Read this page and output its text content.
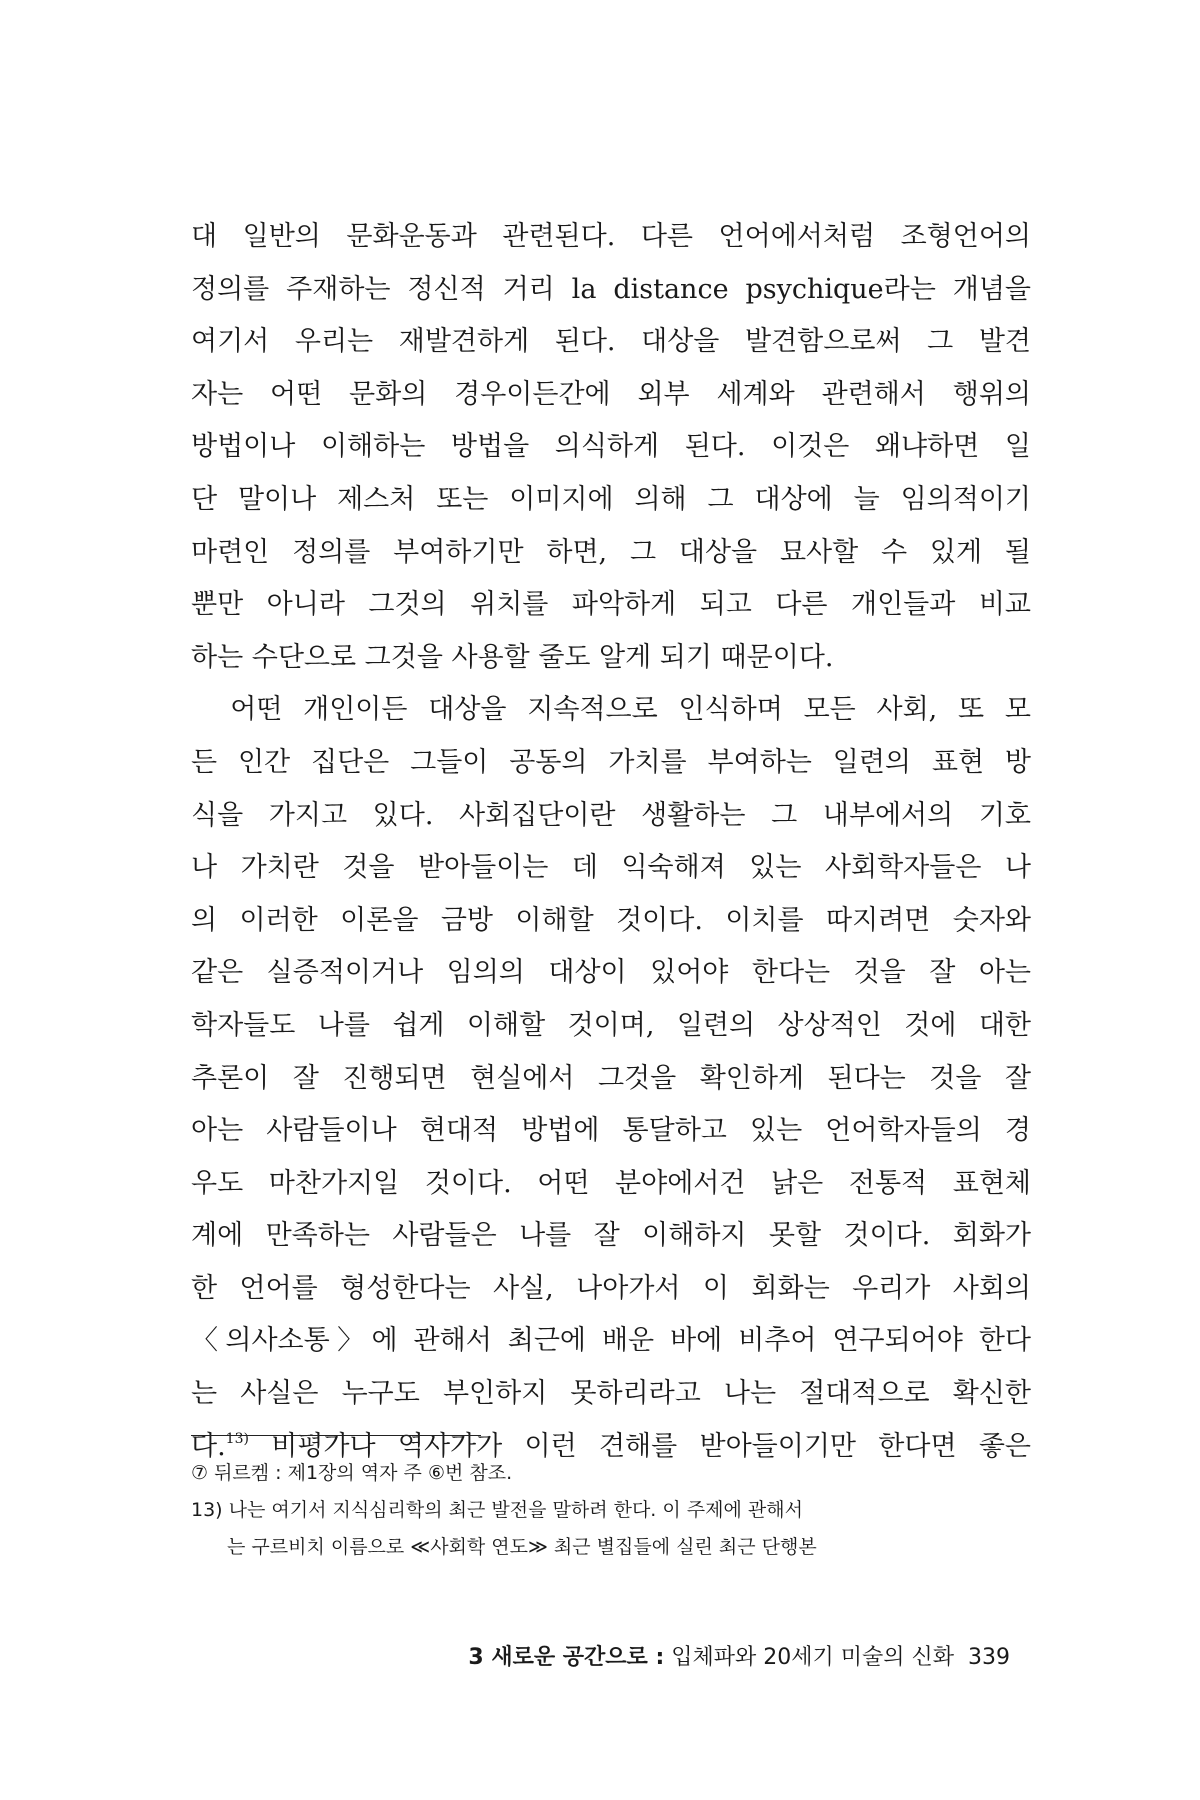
대 일반의 문화운동과 관련된다. 다른 언어에서처럼 조형언어의
정의를 주재하는 정신적 거리 la distance psychique라는 개념을
여기서 우리는 재발견하게 된다. 대상을 발견함으로써 그 발견
자는 어떤 문화의 경우이든간에 외부 세계와 관련해서 행위의
방법이나 이해하는 방법을 의식하게 된다. 이것은 왜냐하면 일
단 말이나 제스처 또는 이미지에 의해 그 대상에 늘 임의적이기
마련인 정의를 부여하기만 하면, 그 대상을 묘사할 수 있게 될
뿐만 아니라 그것의 위치를 파악하게 되고 다른 개인들과 비교
하는 수단으로 그것을 사용할 줄도 알게 되기 때문이다.
　어떤 개인이든 대상을 지속적으로 인식하며 모든 사회, 또 모
든 인간 집단은 그들이 공동의 가치를 부여하는 일련의 표현 방
식을 가지고 있다. 사회집단이란 생활하는 그 내부에서의 기호
나 가치란 것을 받아들이는 데 익숙해져 있는 사회학자들은 나
의 이러한 이론을 금방 이해할 것이다. 이치를 따지려면 숫자와
같은 실증적이거나 임의의 대상이 있어야 한다는 것을 잘 아는
학자들도 나를 쉽게 이해할 것이며, 일련의 상상적인 것에 대한
추론이 잘 진행되면 현실에서 그것을 확인하게 된다는 것을 잘
아는 사람들이나 현대적 방법에 통달하고 있는 언어학자들의 경
우도 마찬가지일 것이다. 어떤 분야에서건 낡은 전통적 표현체
계에 만족하는 사람들은 나를 잘 이해하지 못할 것이다. 회화가
한 언어를 형성한다는 사실, 나아가서 이 회화는 우리가 사회의
〈의사소통〉에 관해서 최근에 배운 바에 비추어 연구되어야 한다
는 사실은 누구도 부인하지 못하리라고 나는 절대적으로 확신한
다.$^{13)}$ 비평가나 역사가가 이런 견해를 받아들이기만 한다면 좋은
⑦ 뒤르켐 : 제1장의 역자 주 ⑥번 참조.
13) 나는 여기서 지식심리학의 최근 발전을 말하려 한다. 이 주제에 관해서
는 구르비치 이름으로 ≪사회학 연도≫ 최근 별집들에 실린 최근 단행본
3 새로운 공간으로 : 입체파와 20세기 미술의 신화 339
